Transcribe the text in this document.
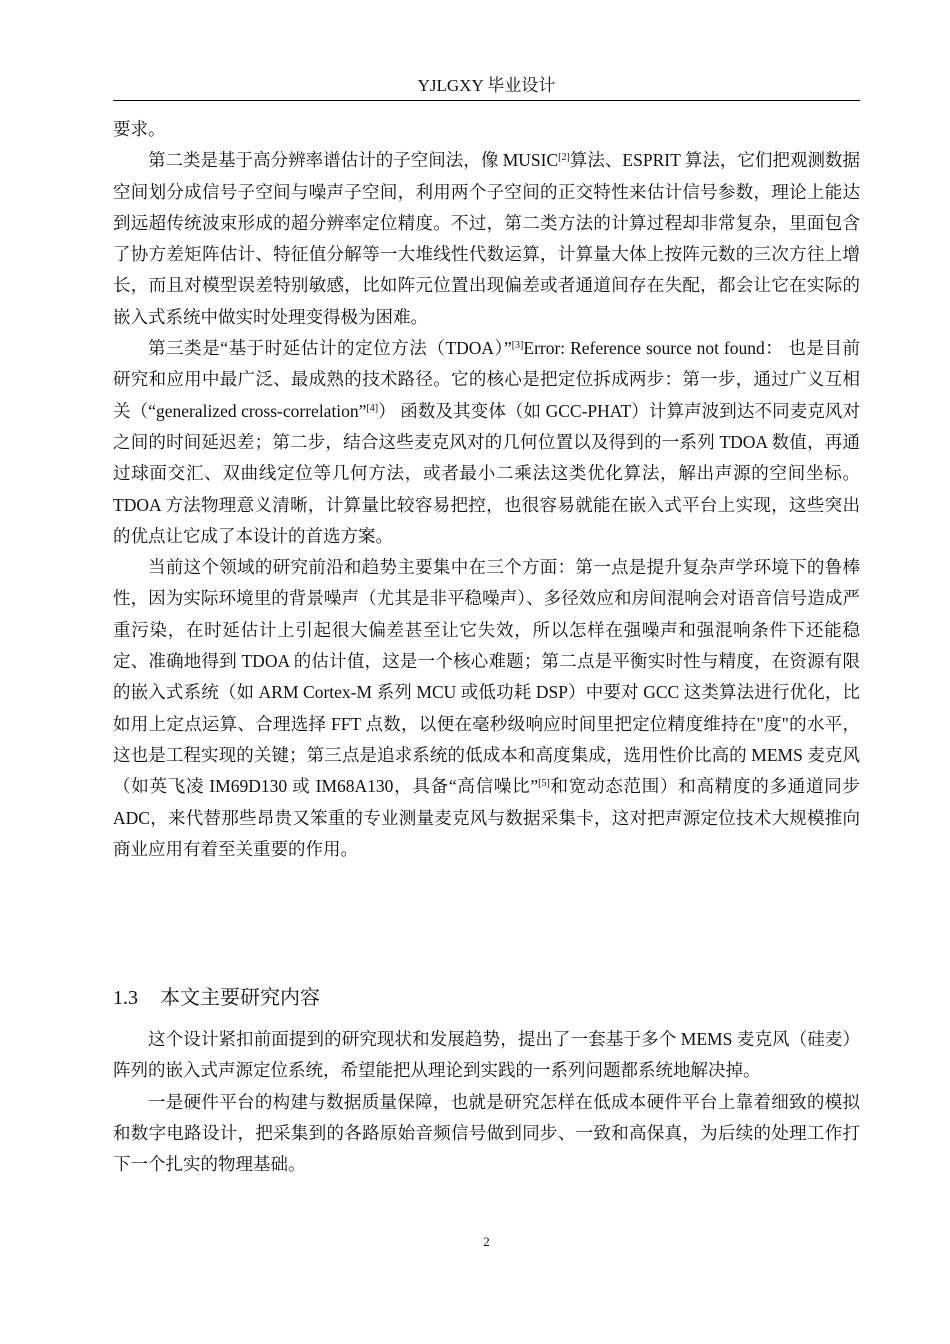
YJLGXY 毕业设计

要求。

第二类是基于高分辨率谱估计的子空间法，像 MUSIC[2]算法、ESPRIT 算法，它们把观测数据空间划分成信号子空间与噪声子空间，利用两个子空间的正交特性来估计信号参数，理论上能达到远超传统波束形成的超分辨率定位精度。不过，第二类方法的计算过程却非常复杂，里面包含了协方差矩阵估计、特征值分解等一大堆线性代数运算，计算量大体上按阵元数的三次方往上增长，而且对模型误差特别敏感，比如阵元位置出现偏差或者通道间存在失配，都会让它在实际的嵌入式系统中做实时处理变得极为困难。

第三类是“基于时延估计的定位方法（TDOA）”[3]Error: Reference source not found： 也是目前研究和应用中最广泛、最成熟的技术路径。它的核心是把定位拆成两步：第一步，通过广义互相关（“generalized cross-correlation”[4]） 函数及其变体（如 GCC-PHAT）计算声波到达不同麦克风对之间的时间延迟差；第二步，结合这些麦克风对的几何位置以及得到的一系列 TDOA 数值，再通过球面交汇、双曲线定位等几何方法，或者最小二乘法这类优化算法，解出声源的空间坐标。TDOA 方法物理意义清晰，计算量比较容易把控，也很容易就能在嵌入式平台上实现，这些突出的优点让它成了本设计的首选方案。

当前这个领域的研究前沿和趋势主要集中在三个方面：第一点是提升复杂声学环境下的鲁棒性，因为实际环境里的背景噪声（尤其是非平稳噪声）、多径效应和房间混响会对语音信号造成严重污染，在时延估计上引起很大偏差甚至让它失效，所以怎样在强噪声和强混响条件下还能稳定、准确地得到 TDOA 的估计值，这是一个核心难题；第二点是平衡实时性与精度，在资源有限的嵌入式系统（如 ARM Cortex-M 系列 MCU 或低功耗 DSP）中要对 GCC 这类算法进行优化，比如用上定点运算、合理选择 FFT 点数，以便在毫秒级响应时间里把定位精度维持在"度"的水平，这也是工程实现的关键；第三点是追求系统的低成本和高度集成，选用性价比高的 MEMS 麦克风（如英飞凌 IM69D130 或 IM68A130，具备“高信噪比”[5]和宽动态范围）和高精度的多通道同步 ADC，来代替那些昂贵又笨重的专业测量麦克风与数据采集卡，这对把声源定位技术大规模推向商业应用有着至关重要的作用。

1.3 本文主要研究内容

这个设计紧扣前面提到的研究现状和发展趋势，提出了一套基于多个 MEMS 麦克风（硅麦）阵列的嵌入式声源定位系统，希望能把从理论到实践的一系列问题都系统地解决掉。

一是硬件平台的构建与数据质量保障，也就是研究怎样在低成本硬件平台上靠着细致的模拟和数字电路设计，把采集到的各路原始音频信号做到同步、一致和高保真，为后续的处理工作打下一个扎实的物理基础。

2
